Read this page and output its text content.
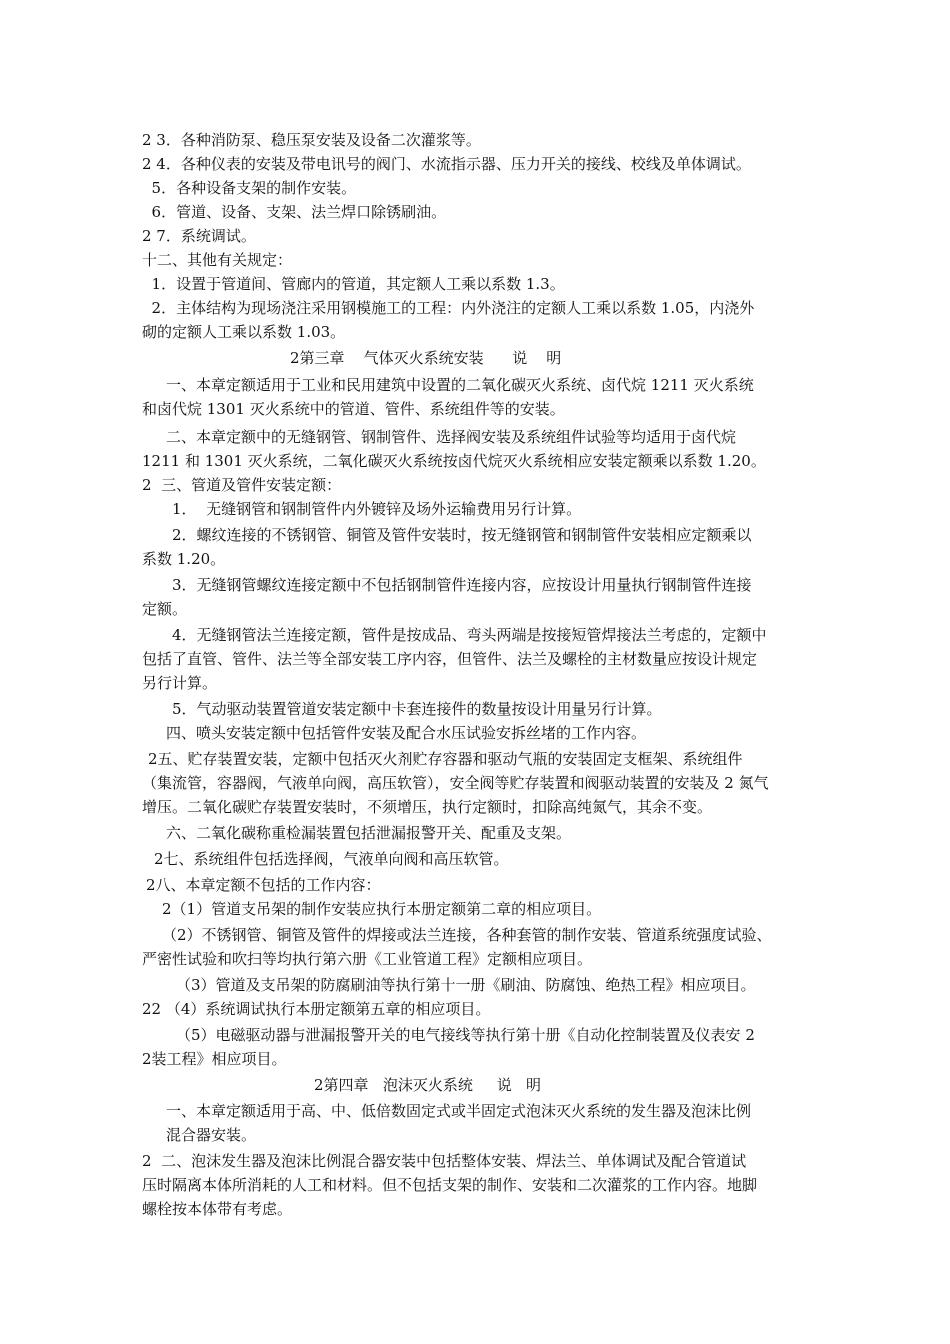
2 3．各种消防泵、稳压泵安装及设备二次灌浆等。
2 4．各种仪表的安装及带电讯号的阀门、水流指示器、压力开关的接线、校线及单体调试。
5．各种设备支架的制作安装。
6．管道、设备、支架、法兰焊口除锈刷油。
2 7．系统调试。
十二、其他有关规定：
1．设置于管道间、管廊内的管道，其定额人工乘以系数 1.3。
2．主体结构为现场浇注采用钢模施工的工程：内外浇注的定额人工乘以系数 1.05，内浇外
砌的定额人工乘以系数 1.03。
2第三章    气体灭火系统安装      说    明
一、本章定额适用于工业和民用建筑中设置的二氧化碳灭火系统、卤代烷 1211 灭火系统
和卤代烷 1301 灭火系统中的管道、管件、系统组件等的安装。
二、本章定额中的无缝钢管、钢制管件、选择阀安装及系统组件试验等均适用于卤代烷
1211 和 1301 灭火系统，二氧化碳灭火系统按卤代烷灭火系统相应安装定额乘以系数 1.20。
2  三、管道及管件安装定额：
1．  无缝钢管和钢制管件内外镀锌及场外运输费用另行计算。
2．螺纹连接的不锈钢管、铜管及管件安装时，按无缝钢管和钢制管件安装相应定额乘以
系数 1.20。
3．无缝钢管螺纹连接定额中不包括钢制管件连接内容，应按设计用量执行钢制管件连接
定额。
4．无缝钢管法兰连接定额，管件是按成品、弯头两端是按接短管焊接法兰考虑的，定额中
包括了直管、管件、法兰等全部安装工序内容，但管件、法兰及螺栓的主材数量应按设计规定
另行计算。
5．气动驱动装置管道安装定额中卡套连接件的数量按设计用量另行计算。
四、喷头安装定额中包括管件安装及配合水压试验安拆丝堵的工作内容。
2五、贮存装置安装，定额中包括灭火剂贮存容器和驱动气瓶的安装固定支框架、系统组件
（集流管，容器阀，气液单向阀，高压软管），安全阀等贮存装置和阀驱动装置的安装及 2 氮气
增压。二氧化碳贮存装置安装时，不须增压，执行定额时，扣除高纯氮气，其余不变。
六、二氧化碳称重检漏装置包括泄漏报警开关、配重及支架。
2七、系统组件包括选择阀，气液单向阀和高压软管。
2八、本章定额不包括的工作内容：
2（1）管道支吊架的制作安装应执行本册定额第二章的相应项目。
（2）不锈钢管、铜管及管件的焊接或法兰连接，各种套管的制作安装、管道系统强度试验、
严密性试验和吹扫等均执行第六册《工业管道工程》定额相应项目。
（3）管道及支吊架的防腐刷油等执行第十一册《刷油、防腐蚀、绝热工程》相应项目。
22 （4）系统调试执行本册定额第五章的相应项目。
（5）电磁驱动器与泄漏报警开关的电气接线等执行第十册《自动化控制装置及仪表安 2
2装工程》相应项目。
2第四章   泡沫灭火系统     说   明
一、本章定额适用于高、中、低倍数固定式或半固定式泡沫灭火系统的发生器及泡沫比例
混合器安装。
2  二、泡沫发生器及泡沫比例混合器安装中包括整体安装、焊法兰、单体调试及配合管道试
压时隔离本体所消耗的人工和材料。但不包括支架的制作、安装和二次灌浆的工作内容。地脚
螺栓按本体带有考虑。
